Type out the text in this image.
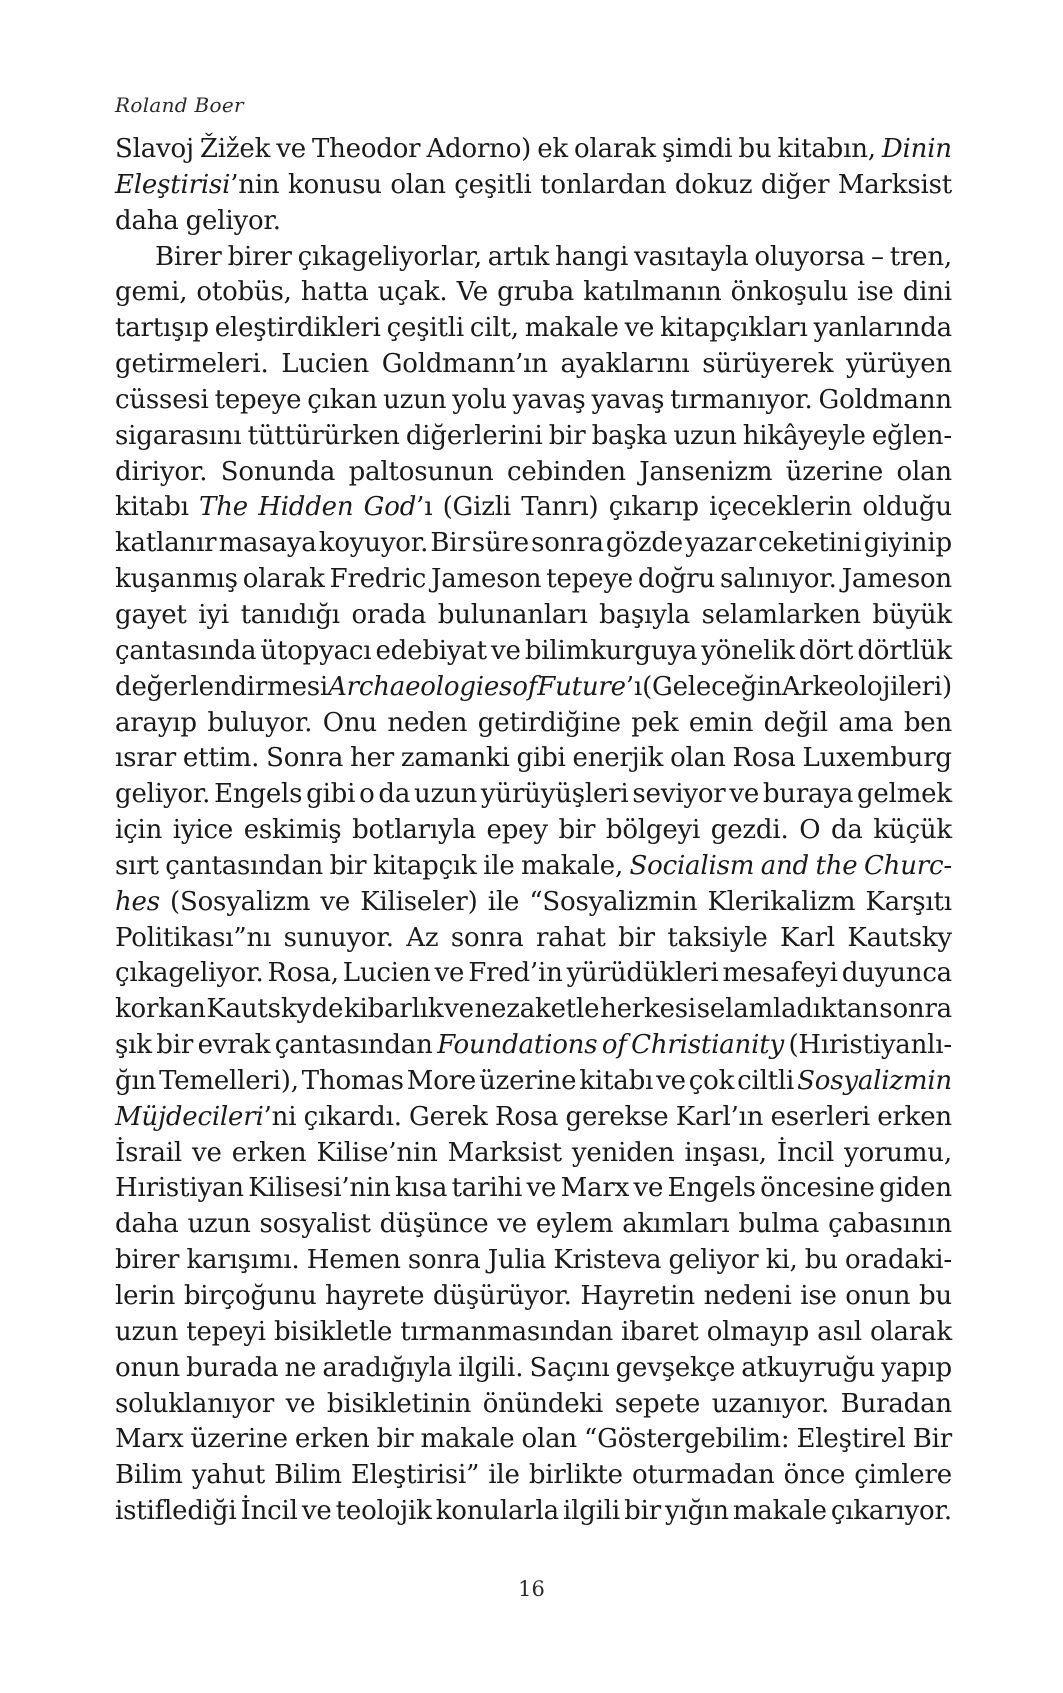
Roland Boer
Slavoj Žižek ve Theodor Adorno) ek olarak şimdi bu kitabın, Dinin
Eleştirisi’nin konusu olan çeşitli tonlardan dokuz diğer Marksist
daha geliyor.
Birer birer çıkageliyorlar, artık hangi vasıtayla oluyorsa – tren,
gemi, otobüs, hatta uçak. Ve gruba katılmanın önkoşulu ise dini
tartışıp eleştirdikleri çeşitli cilt, makale ve kitapçıkları yanlarında
getirmeleri. Lucien Goldmann’ın ayaklarını sürüyerek yürüyen
cüssesi tepeye çıkan uzun yolu yavaş yavaş tırmanıyor. Goldmann
sigarasını tüttürürken diğerlerini bir başka uzun hikâyeyle eğlen-
diriyor. Sonunda paltosunun cebinden Jansenizm üzerine olan
kitabı The Hidden God’ı (Gizli Tanrı) çıkarıp içeceklerin olduğu
katlanır masaya koyuyor. Bir süre sonra gözde yazar ceketini giyinip
kuşanmış olarak Fredric Jameson tepeye doğru salınıyor. Jameson
gayet iyi tanıdığı orada bulunanları başıyla selamlarken büyük
çantasında ütopyacı edebiyat ve bilimkurguya yönelik dört dörtlük
değerlendirmesi Archaeologies of Future’ı (Geleceğin Arkeolojileri)
arayıp buluyor. Onu neden getirdiğine pek emin değil ama ben
ısrar ettim. Sonra her zamanki gibi enerjik olan Rosa Luxemburg
geliyor. Engels gibi o da uzun yürüyüşleri seviyor ve buraya gelmek
için iyice eskimiş botlarıyla epey bir bölgeyi gezdi. O da küçük
sırt çantasından bir kitapçık ile makale, Socialism and the Churc-
hes (Sosyalizm ve Kiliseler) ile “Sosyalizmin Klerikalizm Karşıtı
Politikası”nı sunuyor. Az sonra rahat bir taksiyle Karl Kautsky
çıkageliyor. Rosa, Lucien ve Fred’in yürüdükleri mesafeyi duyunca
korkan Kautsky de kibarlık ve nezaketle herkesi selamladıktan sonra
şık bir evrak çantasından Foundations of Christianity (Hıristiyanlı-
ğın Temelleri), Thomas More üzerine kitabı ve çok ciltli Sosyalizmin
Müjdecileri’ni çıkardı. Gerek Rosa gerekse Karl’ın eserleri erken
İsrail ve erken Kilise’nin Marksist yeniden inşası, İncil yorumu,
Hıristiyan Kilisesi’nin kısa tarihi ve Marx ve Engels öncesine giden
daha uzun sosyalist düşünce ve eylem akımları bulma çabasının
birer karışımı. Hemen sonra Julia Kristeva geliyor ki, bu oradaki-
lerin birçoğunu hayrete düşürüyor. Hayretin nedeni ise onun bu
uzun tepeyi bisikletle tırmanmasından ibaret olmayıp asıl olarak
onun burada ne aradığıyla ilgili. Saçını gevşekçe atkuyruğu yapıp
soluklanıyor ve bisikletinin önündeki sepete uzanıyor. Buradan
Marx üzerine erken bir makale olan “Göstergebilim: Eleştirel Bir
Bilim yahut Bilim Eleştirisi” ile birlikte oturmadan önce çimlere
istiflediği İncil ve teolojik konularla ilgili bir yığın makale çıkarıyor.
16
